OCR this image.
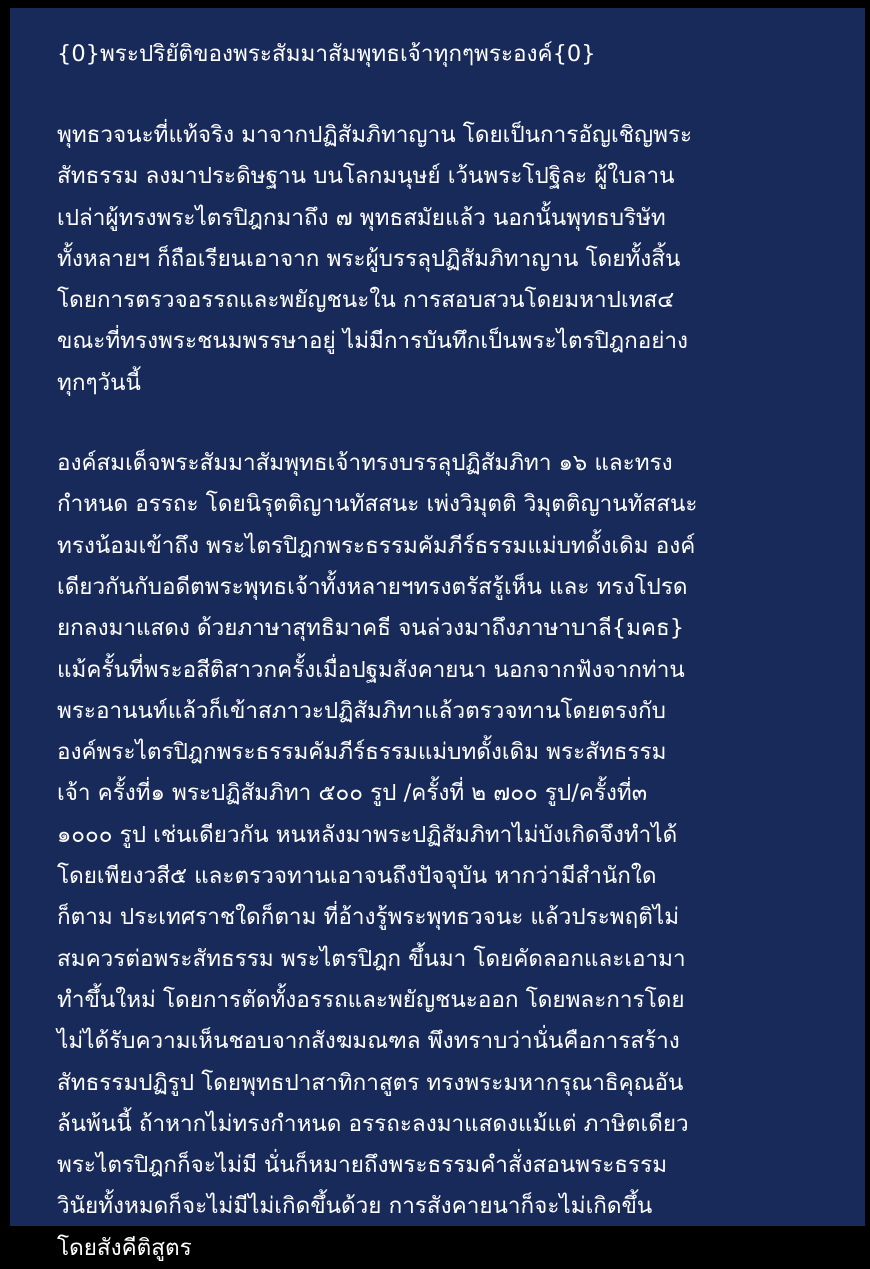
{0}พระปริยัติของพระสัมมาสัมพุทธเจ้าทุกๆพระองค์{0}

พุทธวจนะที่แท้จริง มาจากปฏิสัมภิทาญาน โดยเป็นการอัญเชิญพระ
สัทธรรม ลงมาประดิษฐาน บนโลกมนุษย์ เว้นพระโปฐิละ ผู้ใบลาน
เปล่าผู้ทรงพระไตรปิฎกมาถึง ๗ พุทธสมัยแล้ว นอกนั้นพุทธบริษัท
ทั้งหลายฯ ก็ถือเรียนเอาจาก พระผู้บรรลุปฏิสัมภิทาญาน โดยทั้งสิ้น
โดยการตรวจอรรถและพยัญชนะใน การสอบสวนโดยมหาปเทส๔
ขณะที่ทรงพระชนมพรรษาอยู่ ไม่มีการบันทึกเป็นพระไตรปิฎกอย่าง
ทุกๆวันนี้

องค์สมเด็จพระสัมมาสัมพุทธเจ้าทรงบรรลุปฏิสัมภิทา ๑๖ และทรง
กำหนด อรรถะ โดยนิรุตติญานทัสสนะ เพ่งวิมุตติ วิมุตติญานทัสสนะ
ทรงน้อมเข้าถึง พระไตรปิฎกพระธรรมคัมภีร์ธรรมแม่บทดั้งเดิม องค์
เดียวกันกับอดีตพระพุทธเจ้าทั้งหลายฯทรงตรัสรู้เห็น และ ทรงโปรด
ยกลงมาแสดง ด้วยภาษาสุทธิมาคธี จนล่วงมาถึงภาษาบาลี{มคธ}
แม้ครั้นที่พระอสีติสาวกครั้งเมื่อปฐมสังคายนา นอกจากฟังจากท่าน
พระอานนท์แล้วก็เข้าสภาวะปฏิสัมภิทาแล้วตรวจทานโดยตรงกับ
องค์พระไตรปิฎกพระธรรมคัมภีร์ธรรมแม่บทดั้งเดิม พระสัทธรรม
เจ้า ครั้งที่๑ พระปฏิสัมภิทา ๕๐๐ รูป /ครั้งที่ ๒ ๗๐๐ รูป/ครั้งที่๓
๑๐๐๐ รูป เช่นเดียวกัน หนหลังมาพระปฏิสัมภิทาไม่บังเกิดจึงทำได้
โดยเพียงวสี๕ และตรวจทานเอาจนถึงปัจจุบัน หากว่ามีสำนักใด
ก็ตาม ประเทศราชใดก็ตาม ที่อ้างรู้พระพุทธวจนะ แล้วประพฤติไม่
สมควรต่อพระสัทธรรม พระไตรปิฎก ขึ้นมา โดยคัดลอกและเอามา
ทำขึ้นใหม่ โดยการตัดทั้งอรรถและพยัญชนะออก โดยพละการโดย
ไม่ได้รับความเห็นชอบจากสังฆมณฑล พึงทราบว่านั่นคือการสร้าง
สัทธรรมปฏิรูป โดยพุทธปาสาทิกาสูตร ทรงพระมหากรุณาธิคุณอัน
ล้นพ้นนี้ ถ้าหากไม่ทรงกำหนด อรรถะลงมาแสดงแม้แต่ ภาษิตเดียว
พระไตรปิฎกก็จะไม่มี นั่นก็หมายถึงพระธรรมคำสั่งสอนพระธรรม
วินัยทั้งหมดก็จะไม่มีไม่เกิดขึ้นด้วย การสังคายนาก็จะไม่เกิดขึ้น
โดยสังคีติสูตร
